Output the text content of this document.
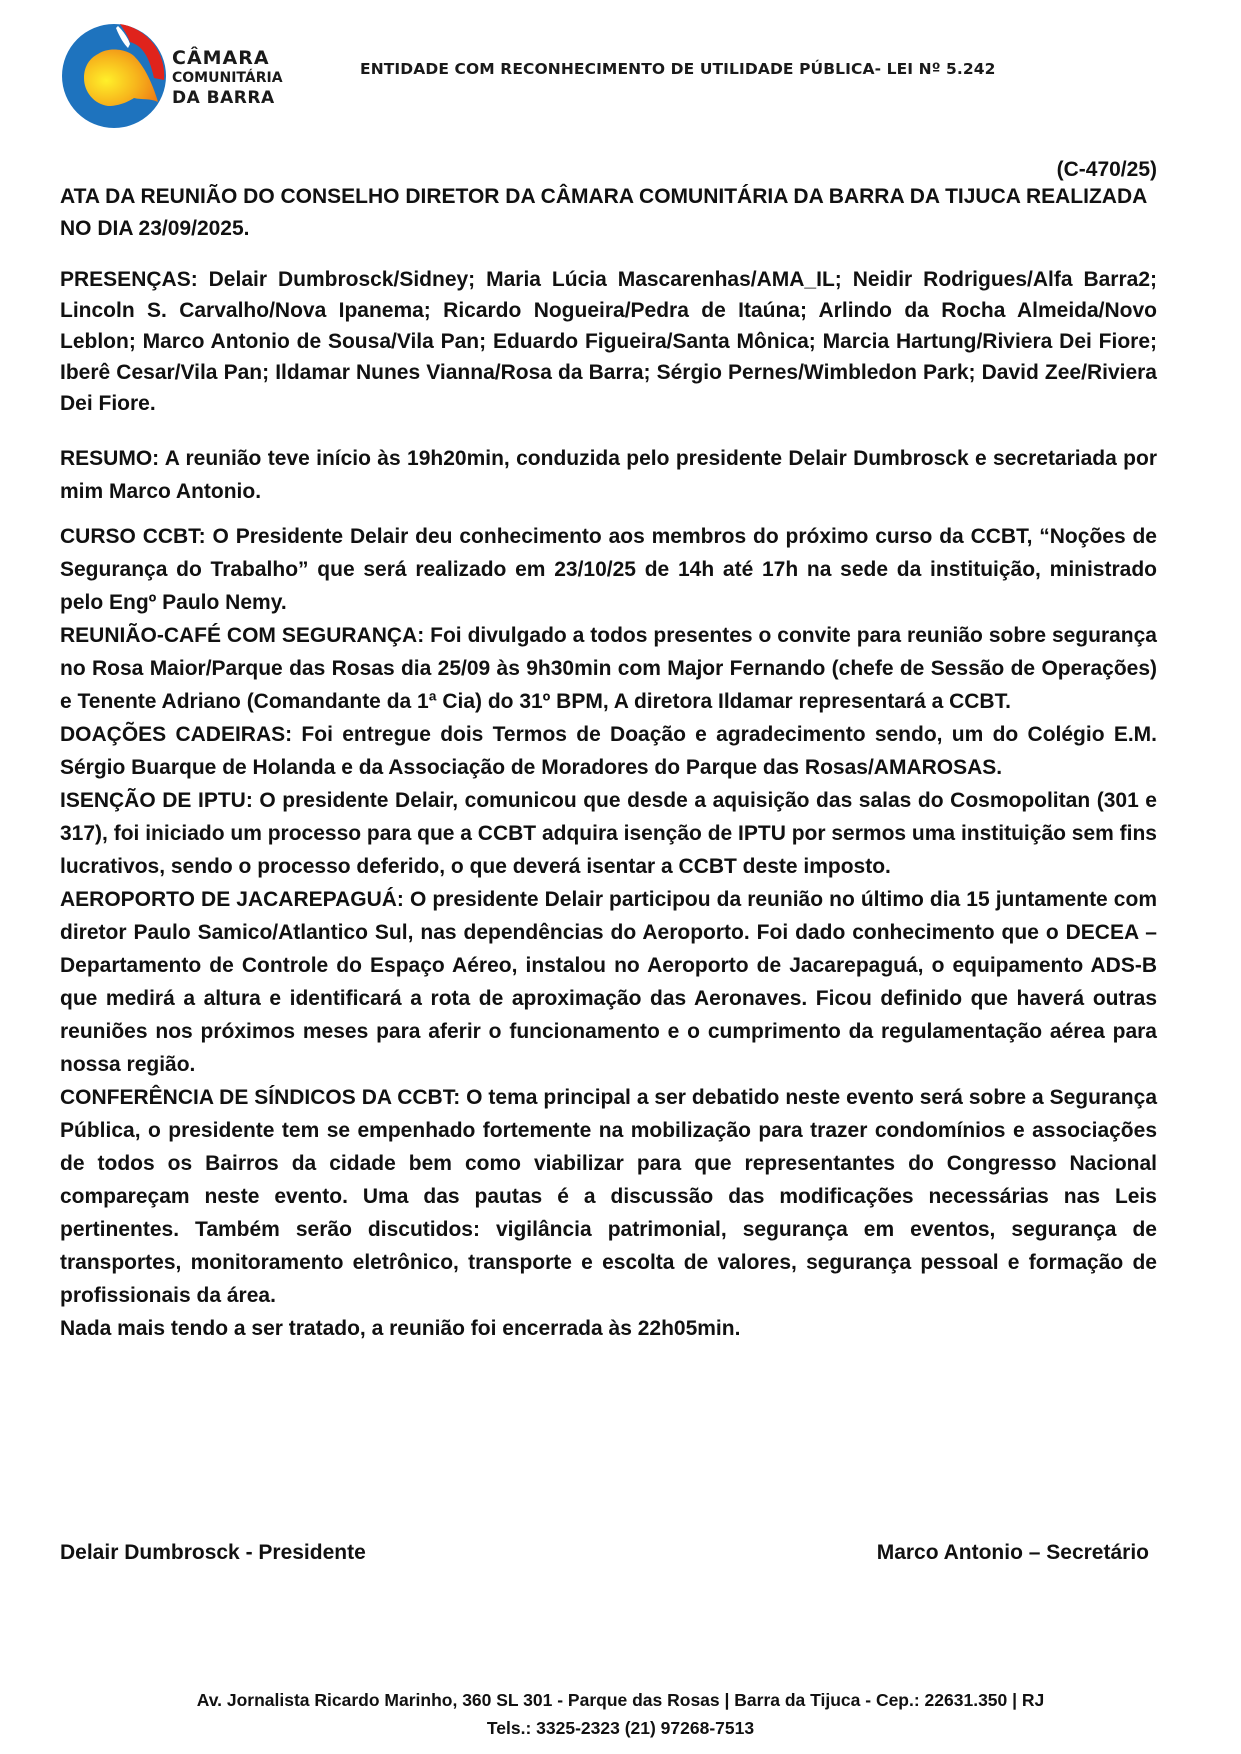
CÂMARA
COMUNITÁRIA
DA BARRA
ENTIDADE COM RECONHECIMENTO DE UTILIDADE PÚBLICA- LEI Nº 5.242
(C-470/25)
ATA DA REUNIÃO DO CONSELHO DIRETOR DA CÂMARA COMUNITÁRIA DA BARRA DA TIJUCA REALIZADA NO DIA 23/09/2025.
PRESENÇAS: Delair Dumbrosck/Sidney; Maria Lúcia Mascarenhas/AMA_IL; Neidir Rodrigues/Alfa Barra2; Lincoln S. Carvalho/Nova Ipanema; Ricardo Nogueira/Pedra de Itaúna; Arlindo da Rocha Almeida/Novo Leblon; Marco Antonio de Sousa/Vila Pan; Eduardo Figueira/Santa Mônica; Marcia Hartung/Riviera Dei Fiore; Iberê Cesar/Vila Pan; Ildamar Nunes Vianna/Rosa da Barra; Sérgio Pernes/Wimbledon Park; David Zee/Riviera Dei Fiore.
RESUMO: A reunião teve início às 19h20min, conduzida pelo presidente Delair Dumbrosck e secretariada por mim Marco Antonio.

CURSO CCBT: O Presidente Delair deu conhecimento aos membros do próximo curso da CCBT, “Noções de Segurança do Trabalho” que será realizado em 23/10/25 de 14h até 17h na sede da instituição, ministrado pelo Engº Paulo Nemy.

REUNIÃO-CAFÉ COM SEGURANÇA: Foi divulgado a todos presentes o convite para reunião sobre segurança no Rosa Maior/Parque das Rosas dia 25/09 às 9h30min com Major Fernando (chefe de Sessão de Operações) e Tenente Adriano (Comandante da 1ª Cia) do 31º BPM, A diretora Ildamar representará a CCBT.

DOAÇÕES CADEIRAS: Foi entregue dois Termos de Doação e agradecimento sendo, um do Colégio E.M. Sérgio Buarque de Holanda e da Associação de Moradores do Parque das Rosas/AMAROSAS.

ISENÇÃO DE IPTU: O presidente Delair, comunicou que desde a aquisição das salas do Cosmopolitan (301 e 317), foi iniciado um processo para que a CCBT adquira isenção de IPTU por sermos uma instituição sem fins lucrativos, sendo o processo deferido, o que deverá isentar a CCBT deste imposto.

AEROPORTO DE JACAREPAGUÁ: O presidente Delair participou da reunião no último dia 15 juntamente com diretor Paulo Samico/Atlantico Sul, nas dependências do Aeroporto. Foi dado conhecimento que o DECEA – Departamento de Controle do Espaço Aéreo, instalou no Aeroporto de Jacarepaguá, o equipamento ADS-B que medirá a altura e identificará a rota de aproximação das Aeronaves. Ficou definido que haverá outras reuniões nos próximos meses para aferir o funcionamento e o cumprimento da regulamentação aérea para nossa região.

CONFERÊNCIA DE SÍNDICOS DA CCBT: O tema principal a ser debatido neste evento será sobre a Segurança Pública, o presidente tem se empenhado fortemente na mobilização para trazer condomínios e associações de todos os Bairros da cidade bem como viabilizar para que representantes do Congresso Nacional compareçam neste evento. Uma das pautas é a discussão das modificações necessárias nas Leis pertinentes. Também serão discutidos: vigilância patrimonial, segurança em eventos, segurança de transportes, monitoramento eletrônico, transporte e escolta de valores, segurança pessoal e formação de profissionais da área.

Nada mais tendo a ser tratado, a reunião foi encerrada às 22h05min.

Delair Dumbrosck - Presidente	Marco Antonio – Secretário
Av. Jornalista Ricardo Marinho, 360 SL 301 - Parque das Rosas | Barra da Tijuca - Cep.: 22631.350 | RJ
Tels.: 3325-2323 (21) 97268-7513
